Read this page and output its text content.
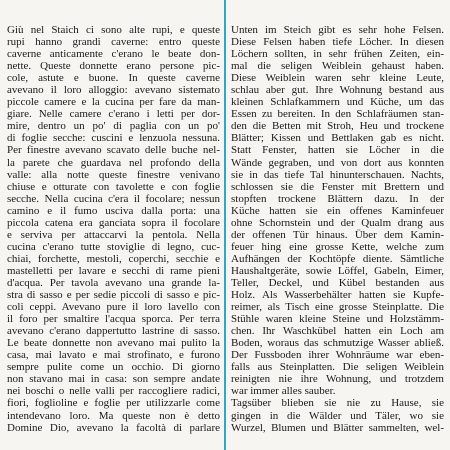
Giù nel Staich ci sono alte rupi, e queste
rupi hanno grandi caverne: entro queste
caverne anticamente c'erano le beate don-
nette. Queste donnette erano persone pic-
cole, astute e buone. In queste caverne
avevano il loro alloggio: avevano sistemato
piccole camere e la cucina per fare da man-
giare. Nelle camere c'erano i letti per dor-
mire, dentro un po' di paglia con un po'
di foglie secche: cuscini e lenzuola nessuna.
Per finestre avevano scavato delle buche nel-
la parete che guardava nel profondo della
valle: alla notte queste finestre venivano
chiuse e otturate con tavolette e con foglie
secche. Nella cucina c'era il focolare; nessun
camino e il fumo usciva dalla porta: una
piccola catena era ganciata sopra il focolare
e serviva per attaccarvi la pentola. Nella
cucina c'erano tutte stoviglie di legno, cuc-
chiai, forchette, mestoli, coperchi, secchie e
mastelletti per lavare e secchi di rame pieni
d'acqua. Per tavola avevano una grande la-
stra di sasso e per sedie piccoli di sasso e pic-
coli ceppi. Avevano pure il loro lavello con
il foro per smaltire l'acqua sporca. Per terra
avevano c'erano dappertutto lastrine di sasso.
Le beate donnette non avevano mai pulito la
casa, mai lavato e mai strofinato, e furono
sempre pulite come un occhio. Di giorno
non stavano mai in casa: son sempre andate
nei boschi o nelle valli per raccogliere radici,
fiori, foglioline e foglie per utilizzarle come
intendevano loro. Ma queste non è detto
Domine Dio, avevano la facoltà di parlare
Unten im Steich gibt es sehr hohe Felsen.
Diese Felsen haben tiefe Löcher. In diesen
Löchern sollten, in sehr frühen Zeiten, ein-
mal die seligen Weiblein gehaust haben.
Diese Weiblein waren sehr kleine Leute,
schlau aber gut. Ihre Wohnung bestand aus
kleinen Schlafkammern und Küche, um das
Essen zu bereiten. In den Schlafräumen stan-
den die Betten mit Stroh, Heu und trockene
Blätter; Kissen und Bettlaken gab es nicht.
Statt Fenster, hatten sie Löcher in die
Wände gegraben, und von dort aus konnten
sie in das tiefe Tal hinunterschauen. Nachts,
schlossen sie die Fenster mit Brettern und
stopften trockene Blättern dazu. In der
Küche hatten sie ein offenes Kaminfeuer
ohne Schornstein und der Qualm drang aus
der offenen Tür hinaus. Über dem Kamin-
feuer hing eine grosse Kette, welche zum
Aufhängen der Kochtöpfe diente. Sämtliche
Haushaltgeräte, sowie Löffel, Gabeln, Eimer,
Teller, Deckel, und Kübel bestanden aus
Holz. Als Wasserbehälter hatten sie Kupfe-
reimer, als Tisch eine grosse Steinplatte. Die
Stühle waren kleine Steine und Holzstämm-
chen. Ihr Waschkübel hatten ein Loch am
Boden, woraus das schmutzige Wasser abließ.
Der Fussboden ihrer Wohnräume war eben-
falls aus Steinplatten. Die seligen Weiblein
reinigten nie ihre Wohnung, und trotzdem
war immer alles sauber.
Tagsüber blieben sie nie zu Hause, sie
gingen in die Wälder und Täler, wo sie
Wurzel, Blumen und Blätter sammelten, wel-
